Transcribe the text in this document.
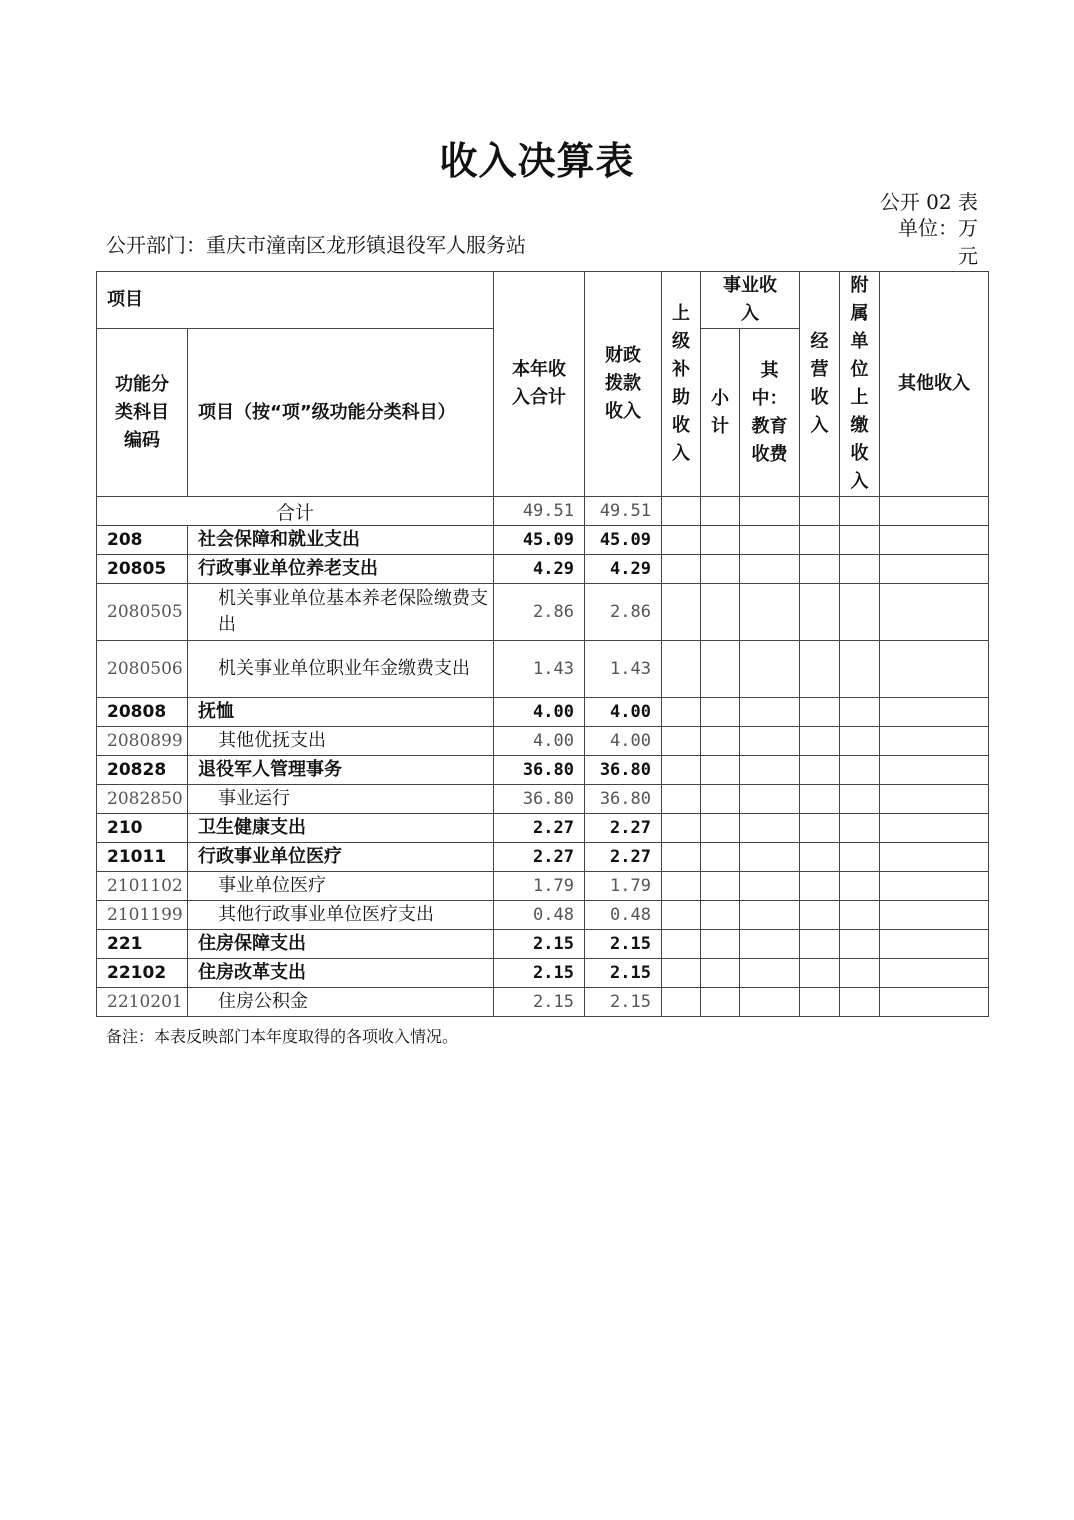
收入决算表
公开 02 表
单位：万元
公开部门：重庆市潼南区龙形镇退役军人服务站
项目		本年收入合计	财政拨款收入	上级补助收入	事业收入		经营收入	附属单位上缴收入	其他收入

功能分类科目编码	项目（按“项”级功能分类科目）				小计	其中：教育收费			

合计		49.51	49.51						
208	社会保障和就业支出	45.09	45.09						
20805	行政事业单位养老支出	4.29	4.29						
2080505	机关事业单位基本养老保险缴费支出	2.86	2.86						
2080506	机关事业单位职业年金缴费支出	1.43	1.43						
20808	抚恤	4.00	4.00						
2080899	其他优抚支出	4.00	4.00						
20828	退役军人管理事务	36.80	36.80						
2082850	事业运行	36.80	36.80						
210	卫生健康支出	2.27	2.27						
21011	行政事业单位医疗	2.27	2.27						
2101102	事业单位医疗	1.79	1.79						
2101199	其他行政事业单位医疗支出	0.48	0.48						
221	住房保障支出	2.15	2.15						
22102	住房改革支出	2.15	2.15						
2210201	住房公积金	2.15	2.15						
备注：本表反映部门本年度取得的各项收入情况。
